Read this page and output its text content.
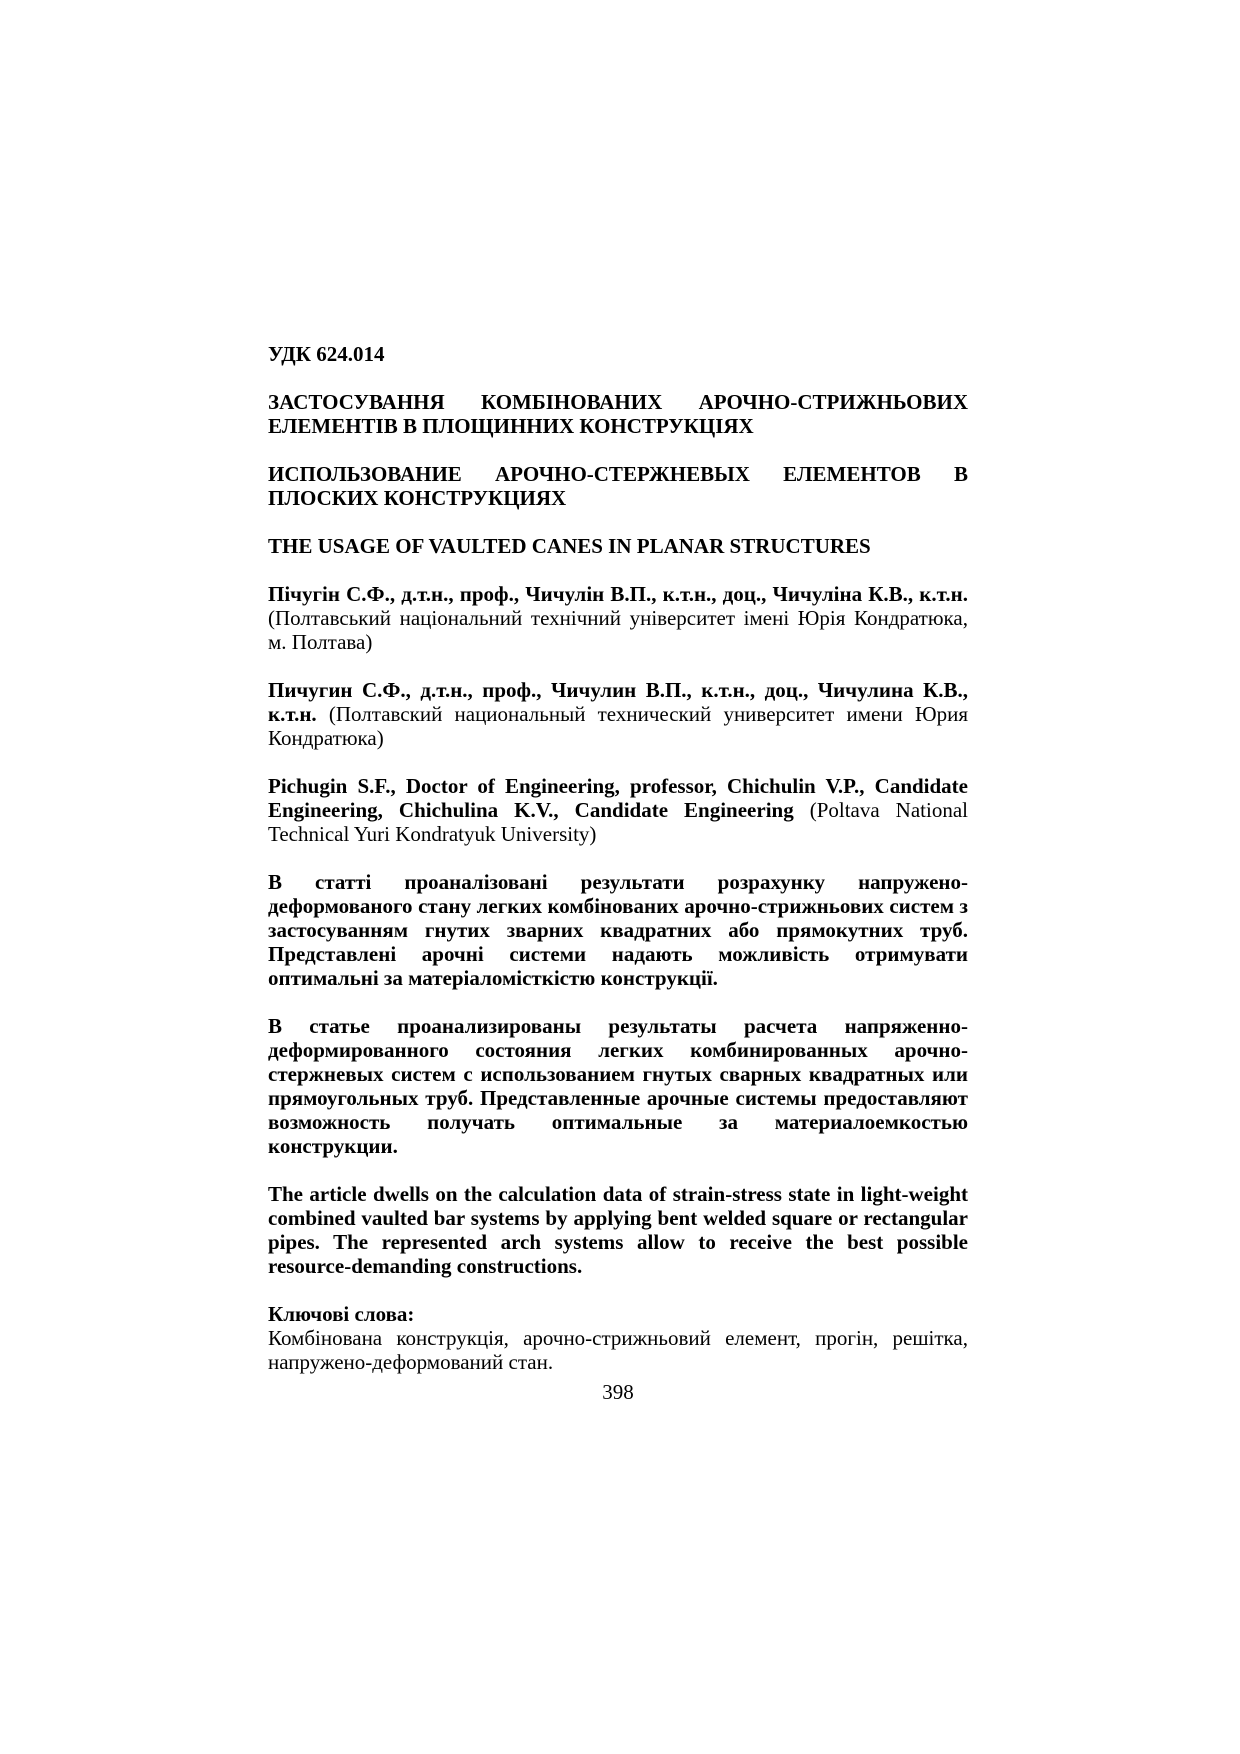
УДК 624.014

ЗАСТОСУВАННЯ КОМБІНОВАНИХ АРОЧНО-СТРИЖНЬОВИХ ЕЛЕМЕНТІВ В ПЛОЩИННИХ КОНСТРУКЦІЯХ

ИСПОЛЬЗОВАНИЕ АРОЧНО-СТЕРЖНЕВЫХ ЕЛЕМЕНТОВ В ПЛОСКИХ КОНСТРУКЦИЯХ

THE USAGE OF VAULTED CANES IN PLANAR STRUCTURES

Пічугін С.Ф., д.т.н., проф., Чичулін В.П., к.т.н., доц., Чичуліна К.В., к.т.н. (Полтавський національний технічний університет імені Юрія Кондратюка, м. Полтава)

Пичугин С.Ф., д.т.н., проф., Чичулин В.П., к.т.н., доц., Чичулина К.В., к.т.н. (Полтавский национальный технический университет имени Юрия Кондратюка)

Pichugin S.F., Doctor of Engineering, professor, Chichulin V.P., Candidate Engineering, Chichulina K.V., Candidate Engineering (Poltava National Technical Yuri Kondratyuk University)

В статті проаналізовані результати розрахунку напружено-деформованого стану легких комбінованих арочно-стрижньових систем з застосуванням гнутих зварних квадратних або прямокутних труб. Представлені арочні системи надають можливість отримувати оптимальні за матеріаломісткістю конструкції.

В статье проанализированы результаты расчета напряженно-деформированного состояния легких комбинированных арочно-стержневых систем с использованием гнутых сварных квадратных или прямоугольных труб. Представленные арочные системы предоставляют возможность получать оптимальные за материалоемкостью конструкции.

The article dwells on the calculation data of strain-stress state in light-weight combined vaulted bar systems by applying bent welded square or rectangular pipes. The represented arch systems allow to receive the best possible resource-demanding constructions.

Ключові слова:
Комбінована конструкція, арочно-стрижньовий елемент, прогін, решітка, напружено-деформований стан.

398
